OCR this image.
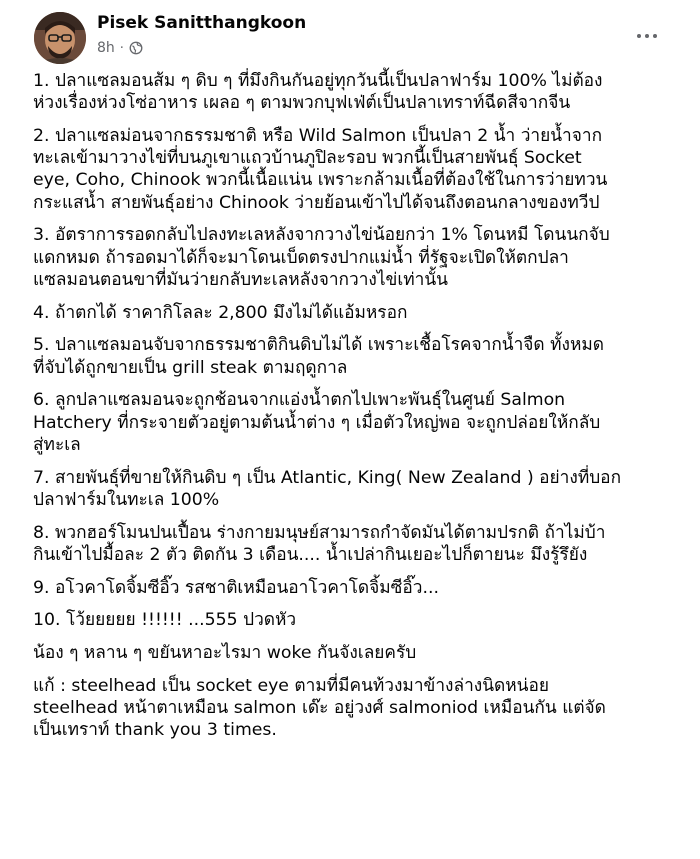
Pisek Sanitthangkoon
8h ·

1. ปลาแซลมอนส้ม ๆ ดิบ ๆ ที่มึงกินกันอยู่ทุกวันนี้เป็นปลาฟาร์ม 100% ไม่ต้อง
ห่วงเรื่องห่วงโซ่อาหาร เผลอ ๆ ตามพวกบุฟเฟ่ต์เป็นปลาเทราท์ฉีดสีจากจีน

2. ปลาแซลม่อนจากธรรมชาติ หรือ Wild Salmon เป็นปลา 2 น้ำ ว่ายน้ำจาก
ทะเลเข้ามาวางไข่ที่บนภูเขาแถวบ้านภูปิละรอบ พวกนี้เป็นสายพันธุ์ Socket
eye, Coho, Chinook พวกนี้เนื้อแน่น เพราะกล้ามเนื้อที่ต้องใช้ในการว่ายทวน
กระแสน้ำ สายพันธุ์อย่าง Chinook ว่ายย้อนเข้าไปได้จนถึงตอนกลางของทวีป

3. อัตราการรอดกลับไปลงทะเลหลังจากวางไข่น้อยกว่า 1% โดนหมี โดนนกจับ
แดกหมด ถ้ารอดมาได้ก็จะมาโดนเบ็ดตรงปากแม่น้ำ ที่รัฐจะเปิดให้ตกปลา
แซลมอนตอนขาที่มันว่ายกลับทะเลหลังจากวางไข่เท่านั้น

4. ถ้าตกได้ ราคากิโลละ 2,800 มึงไม่ได้แอ้มหรอก

5. ปลาแซลมอนจับจากธรรมชาติกินดิบไม่ได้ เพราะเชื้อโรคจากน้ำจืด ทั้งหมด
ที่จับได้ถูกขายเป็น grill steak ตามฤดูกาล

6. ลูกปลาแซลมอนจะถูกช้อนจากแอ่งน้ำตกไปเพาะพันธุ์ในศูนย์ Salmon
Hatchery ที่กระจายตัวอยู่ตามต้นน้ำต่าง ๆ เมื่อตัวใหญ่พอ จะถูกปล่อยให้กลับ
สู่ทะเล

7. สายพันธุ์ที่ขายให้กินดิบ ๆ เป็น Atlantic, King( New Zealand ) อย่างที่บอก
ปลาฟาร์มในทะเล 100%

8. พวกฮอร์โมนปนเปื้อน ร่างกายมนุษย์สามารถกำจัดมันได้ตามปรกติ ถ้าไม่บ้า
กินเข้าไปมื้อละ 2 ตัว ติดกัน 3 เดือน.... น้ำเปล่ากินเยอะไปก็ตายนะ มึงรู้รึยัง

9. อโวคาโดจิ้มซีอิ๊ว รสชาติเหมือนอาโวคาโดจิ้มซีอิ๊ว...

10. โว้ยยยยย !!!!!! ...555 ปวดหัว

น้อง ๆ หลาน ๆ ขยันหาอะไรมา woke กันจังเลยครับ

แก้ : steelhead เป็น socket eye ตามที่มีคนท้วงมาข้างล่างนิดหน่อย
steelhead หน้าตาเหมือน salmon เด๊ะ อยู่วงศ์ salmoniod เหมือนกัน แต่จัด
เป็นเทราท์ thank you 3 times.
